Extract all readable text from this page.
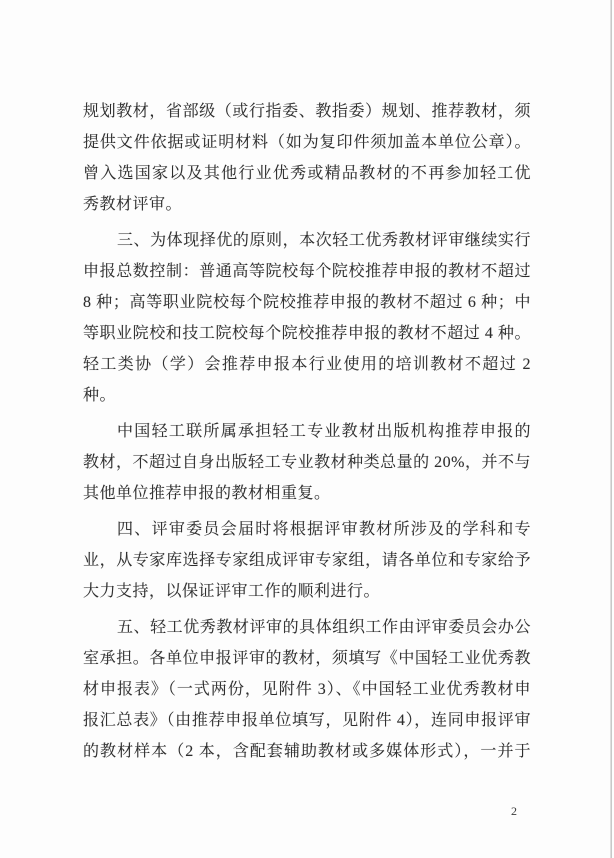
规划教材，省部级（或行指委、教指委）规划、推荐教材，须
提供文件依据或证明材料（如为复印件须加盖本单位公章）。
曾入选国家以及其他行业优秀或精品教材的不再参加轻工优
秀教材评审。
三、为体现择优的原则，本次轻工优秀教材评审继续实行
申报总数控制：普通高等院校每个院校推荐申报的教材不超过
8 种；高等职业院校每个院校推荐申报的教材不超过 6 种；中
等职业院校和技工院校每个院校推荐申报的教材不超过 4 种。
轻工类协（学）会推荐申报本行业使用的培训教材不超过 2
种。
中国轻工联所属承担轻工专业教材出版机构推荐申报的
教材，不超过自身出版轻工专业教材种类总量的 20%，并不与
其他单位推荐申报的教材相重复。
四、评审委员会届时将根据评审教材所涉及的学科和专
业，从专家库选择专家组成评审专家组，请各单位和专家给予
大力支持，以保证评审工作的顺利进行。
五、轻工优秀教材评审的具体组织工作由评审委员会办公
室承担。各单位申报评审的教材，须填写《中国轻工业优秀教
材申报表》（一式两份，见附件 3）、《中国轻工业优秀教材申
报汇总表》（由推荐申报单位填写，见附件 4），连同申报评审
的教材样本（2 本，含配套辅助教材或多媒体形式），一并于
2
